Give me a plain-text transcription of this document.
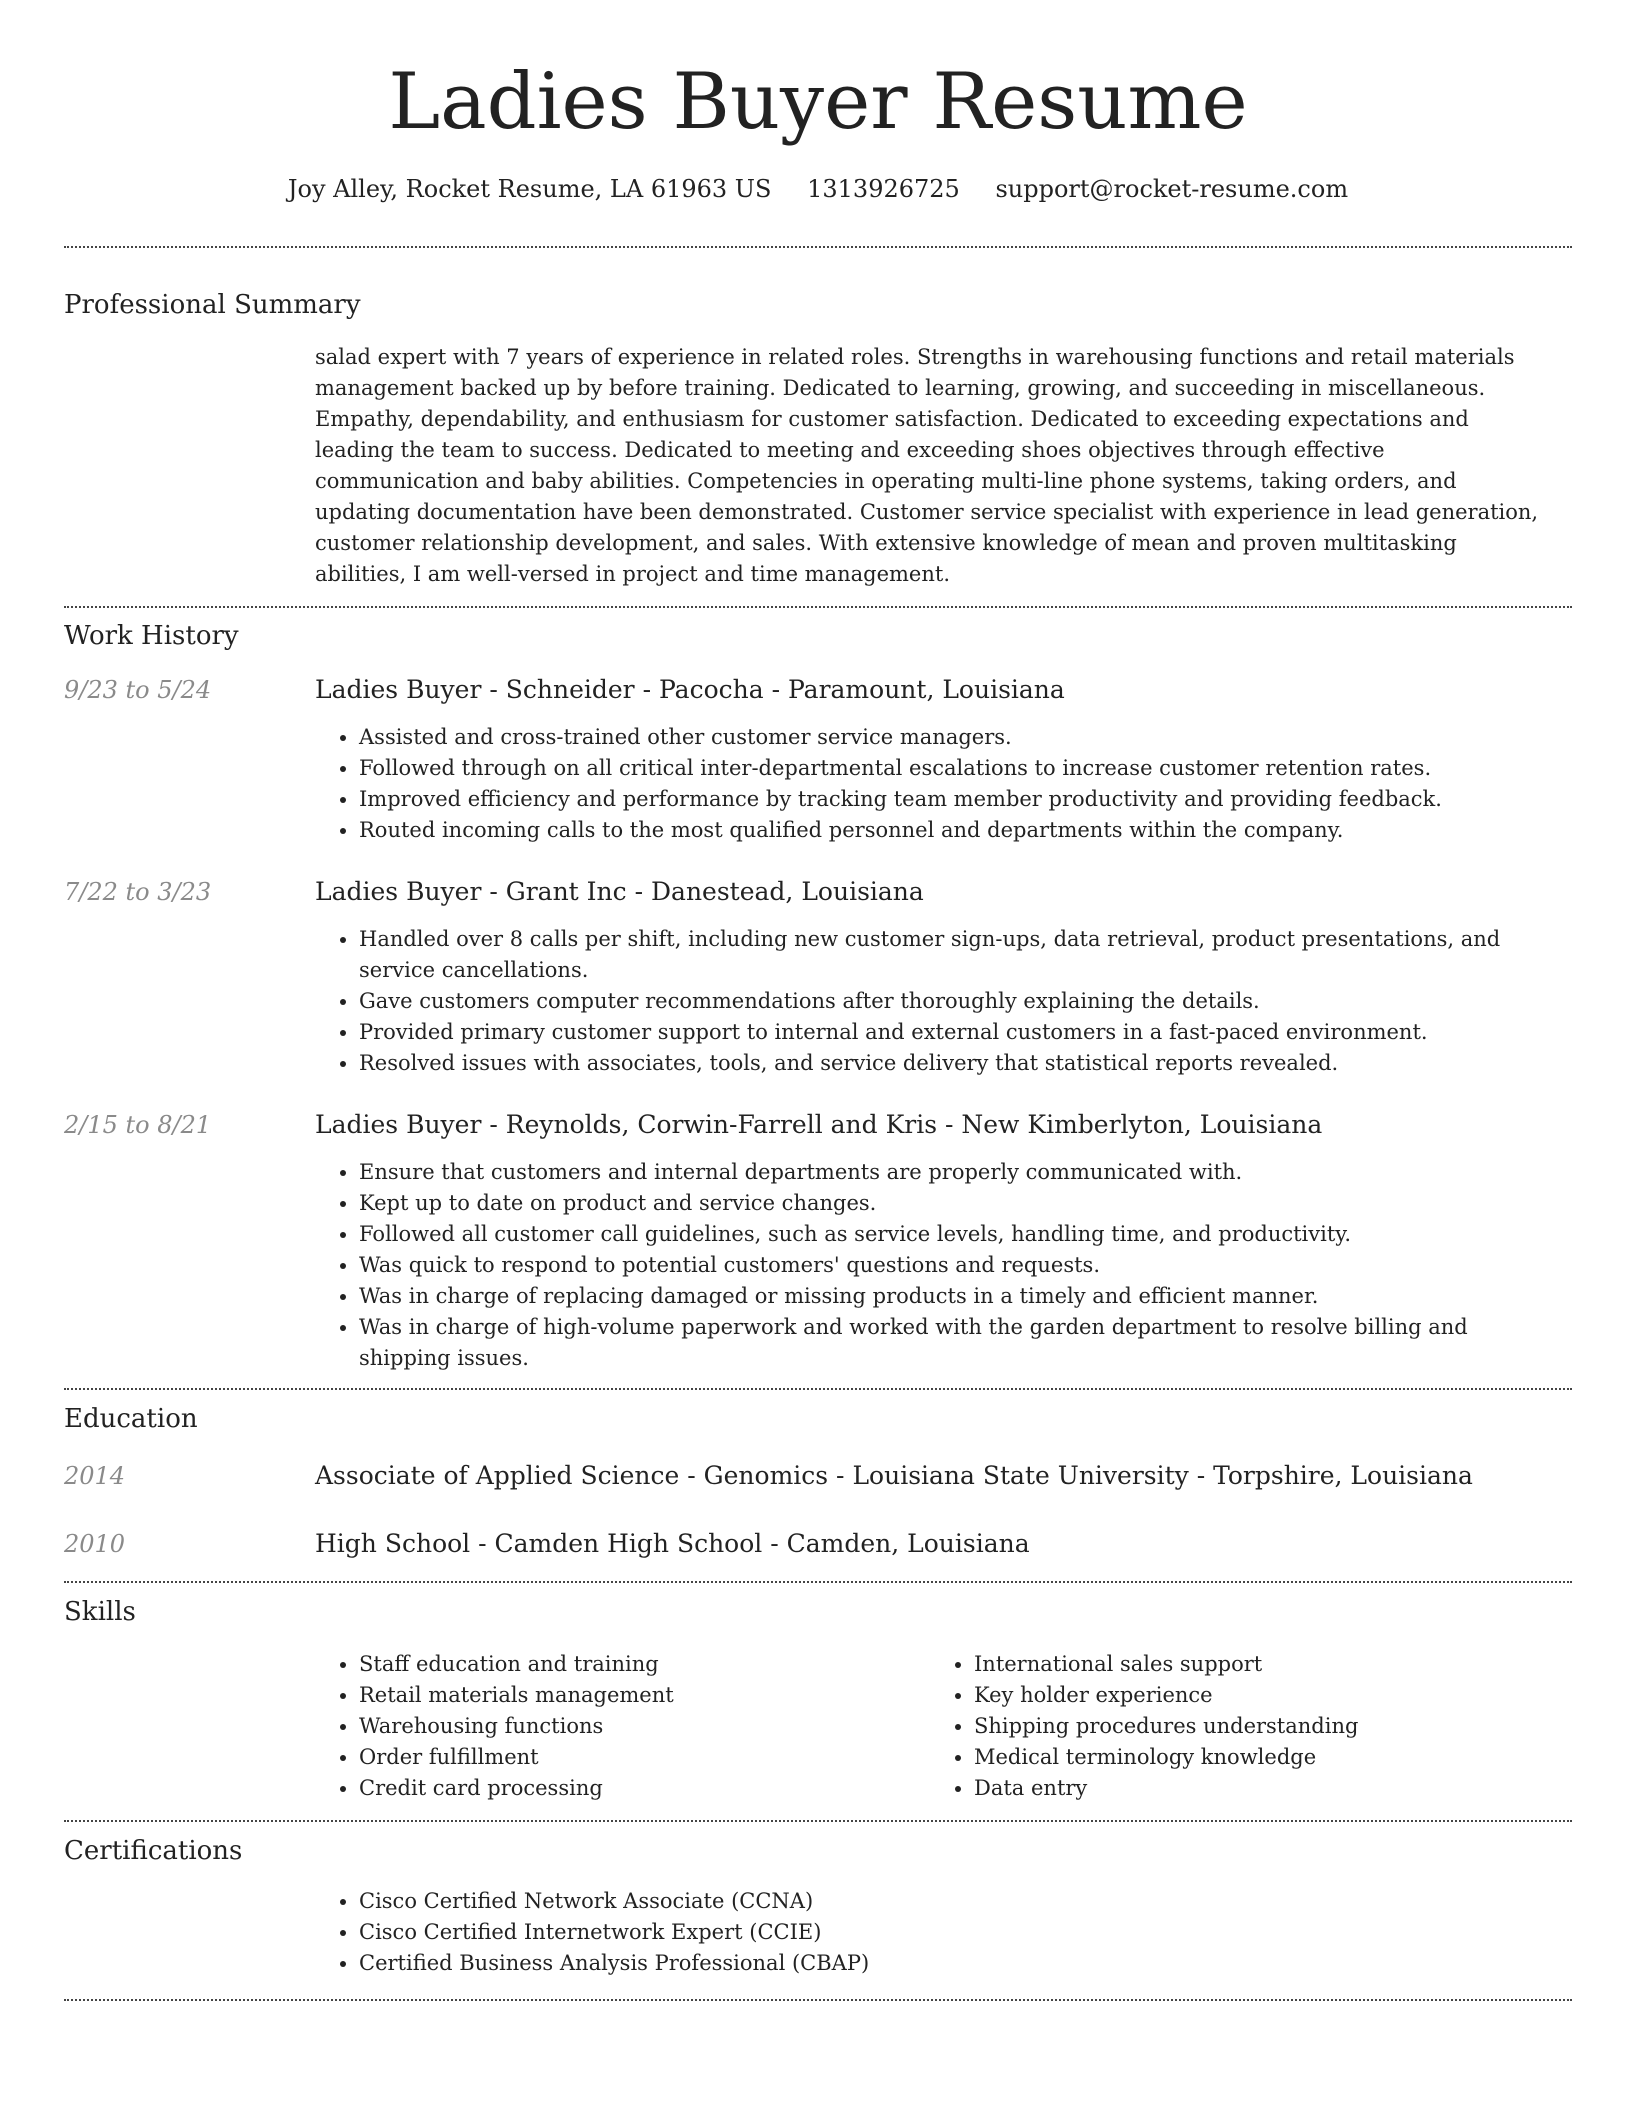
Ladies Buyer Resume
Joy Alley, Rocket Resume, LA 61963 US 1313926725 support@rocket-resume.com
Professional Summary

salad expert with 7 years of experience in related roles. Strengths in warehousing functions and retail materials management backed up by before training. Dedicated to learning, growing, and succeeding in miscellaneous. Empathy, dependability, and enthusiasm for customer satisfaction. Dedicated to exceeding expectations and leading the team to success. Dedicated to meeting and exceeding shoes objectives through effective communication and baby abilities. Competencies in operating multi-line phone systems, taking orders, and updating documentation have been demonstrated. Customer service specialist with experience in lead generation, customer relationship development, and sales. With extensive knowledge of mean and proven multitasking abilities, I am well-versed in project and time management.

Work History
9/23 to 5/24	Ladies Buyer - Schneider - Pacocha - Paramount, Louisiana
• Assisted and cross-trained other customer service managers.
• Followed through on all critical inter-departmental escalations to increase customer retention rates.
• Improved efficiency and performance by tracking team member productivity and providing feedback.
• Routed incoming calls to the most qualified personnel and departments within the company.
7/22 to 3/23	Ladies Buyer - Grant Inc - Danestead, Louisiana
• Handled over 8 calls per shift, including new customer sign-ups, data retrieval, product presentations, and service cancellations.
• Gave customers computer recommendations after thoroughly explaining the details.
• Provided primary customer support to internal and external customers in a fast-paced environment.
• Resolved issues with associates, tools, and service delivery that statistical reports revealed.
2/15 to 8/21	Ladies Buyer - Reynolds, Corwin-Farrell and Kris - New Kimberlyton, Louisiana
• Ensure that customers and internal departments are properly communicated with.
• Kept up to date on product and service changes.
• Followed all customer call guidelines, such as service levels, handling time, and productivity.
• Was quick to respond to potential customers' questions and requests.
• Was in charge of replacing damaged or missing products in a timely and efficient manner.
• Was in charge of high-volume paperwork and worked with the garden department to resolve billing and shipping issues.
Education
2014	Associate of Applied Science - Genomics - Louisiana State University - Torpshire, Louisiana
2010	High School - Camden High School - Camden, Louisiana
Skills
• Staff education and training
• Retail materials management
• Warehousing functions
• Order fulfillment
• Credit card processing
• International sales support
• Key holder experience
• Shipping procedures understanding
• Medical terminology knowledge
• Data entry
Certifications
• Cisco Certified Network Associate (CCNA)
• Cisco Certified Internetwork Expert (CCIE)
• Certified Business Analysis Professional (CBAP)
